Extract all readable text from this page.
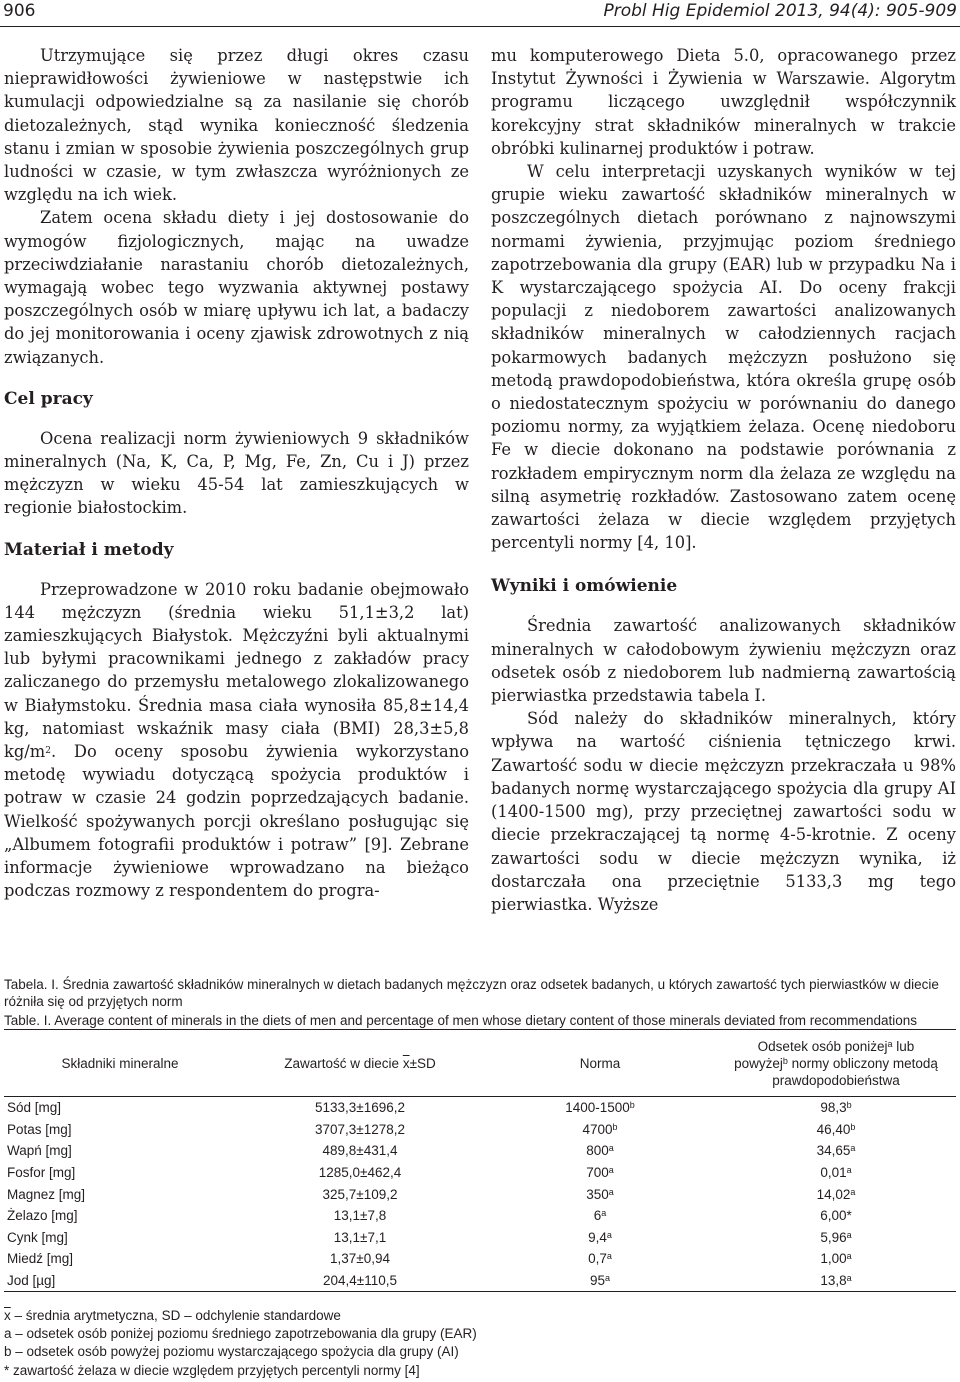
906	Probl Hig Epidemiol 2013, 94(4): 905-909

Utrzymujące się przez długi okres czasu nieprawidłowości żywieniowe w następstwie ich kumulacji odpowiedzialne są za nasilanie się chorób dietozależnych, stąd wynika konieczność śledzenia stanu i zmian w sposobie żywienia poszczególnych grup ludności w czasie, w tym zwłaszcza wyróżnionych ze względu na ich wiek.

Zatem ocena składu diety i jej dostosowanie do wymogów fizjologicznych, mając na uwadze przeciwdziałanie narastaniu chorób dietozależnych, wymagają wobec tego wyzwania aktywnej postawy poszczególnych osób w miarę upływu ich lat, a badaczy do jej monitorowania i oceny zjawisk zdrowotnych z nią związanych.

Cel pracy

Ocena realizacji norm żywieniowych 9 składników mineralnych (Na, K, Ca, P, Mg, Fe, Zn, Cu i J) przez mężczyzn w wieku 45-54 lat zamieszkujących w regionie białostockim.

Materiał i metody

Przeprowadzone w 2010 roku badanie obejmowało 144 mężczyzn (średnia wieku 51,1±3,2 lat) zamieszkujących Białystok. Mężczyźni byli aktualnymi lub byłymi pracownikami jednego z zakładów pracy zaliczanego do przemysłu metalowego zlokalizowanego w Białymstoku. Średnia masa ciała wynosiła 85,8±14,4 kg, natomiast wskaźnik masy ciała (BMI) 28,3±5,8 $kg/m^2$. Do oceny sposobu żywienia wykorzystano metodę wywiadu dotyczącą spożycia produktów i potraw w czasie 24 godzin poprzedzających badanie. Wielkość spożywanych porcji określano posługując się „Albumem fotografii produktów i potraw” [9]. Zebrane informacje żywieniowe wprowadzano na bieżąco podczas rozmowy z respondentem do progra-

mu komputerowego Dieta 5.0, opracowanego przez Instytut Żywności i Żywienia w Warszawie. Algorytm programu liczącego uwzględnił współczynnik korekcyjny strat składników mineralnych w trakcie obróbki kulinarnej produktów i potraw.

W celu interpretacji uzyskanych wyników w tej grupie wieku zawartość składników mineralnych w poszczególnych dietach porównano z najnowszymi normami żywienia, przyjmując poziom średniego zapotrzebowania dla grupy (EAR) lub w przypadku Na i K wystarczającego spożycia AI. Do oceny frakcji populacji z niedoborem zawartości analizowanych składników mineralnych w całodziennych racjach pokarmowych badanych mężczyzn posłużono się metodą prawdopodobieństwa, która określa grupę osób o niedostatecznym spożyciu w porównaniu do danego poziomu normy, za wyjątkiem żelaza. Ocenę niedoboru Fe w diecie dokonano na podstawie porównania z rozkładem empirycznym norm dla żelaza ze względu na silną asymetrię rozkładów. Zastosowano zatem ocenę zawartości żelaza w diecie względem przyjętych percentyli normy [4, 10].

Wyniki i omówienie

Średnia zawartość analizowanych składników mineralnych w całodobowym żywieniu mężczyzn oraz odsetek osób z niedoborem lub nadmierną zawartością pierwiastka przedstawia tabela I.

Sód należy do składników mineralnych, który wpływa na wartość ciśnienia tętniczego krwi. Zawartość sodu w diecie mężczyzn przekraczała u 98% badanych normę wystarczającego spożycia dla grupy AI (1400-1500 mg), przy przeciętnej zawartości sodu w diecie przekraczającej tą normę 4-5-krotnie. Z oceny zawartości sodu w diecie mężczyzn wynika, iż dostarczała ona przeciętnie 5133,3 mg tego pierwiastka. Wyższe

Tabela. I. Średnia zawartość składników mineralnych w dietach badanych mężczyzn oraz odsetek badanych, u których zawartość tych pierwiastków w diecie różniła się od przyjętych norm

Table. I. Average content of minerals in the diets of men and percentage of men whose dietary content of those minerals deviated from recommendations

Składniki mineralne	Zawartość w diecie $\overline{x}\pm SD$	Norma	Odsetek osób poniżej$^a$ lub
powyżej$^b$ normy obliczony metodą
prawdopodobieństwa

Sód [mg]	5133,3±1696,2	1400-1500$^b$	98,3$^b$
Potas [mg]	3707,3±1278,2	4700$^b$	46,40$^b$
Wapń [mg]	489,8±431,4	800$^a$	34,65$^a$
Fosfor [mg]	1285,0±462,4	700$^a$	0,01$^a$
Magnez [mg]	325,7±109,2	350$^a$	14,02$^a$
Żelazo [mg]	13,1±7,8	6$^a$	6,00*
Cynk [mg]	13,1±7,1	9,4$^a$	5,96$^a$
Miedź [mg]	1,37±0,94	0,7$^a$	1,00$^a$
Jod [µg]	204,4±110,5	95$^a$	13,8$^a$
$\overline{x}$ – średnia arytmetyczna, SD – odchylenie standardowe
a – odsetek osób poniżej poziomu średniego zapotrzebowania dla grupy (EAR)
b – odsetek osób powyżej poziomu wystarczającego spożycia dla grupy (AI)
* zawartość żelaza w diecie względem przyjętych percentyli normy [4]
